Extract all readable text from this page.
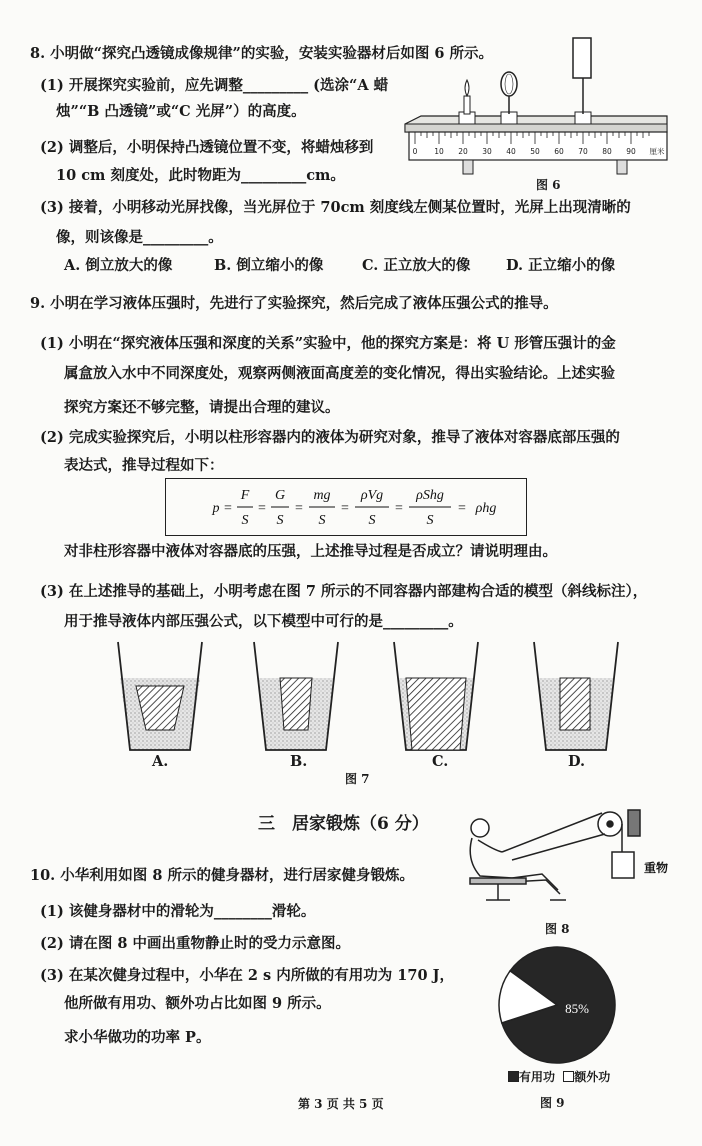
8. 小明做“探究凸透镜成像规律”的实验，安装实验器材后如图 6 所示。
(1) 开展探究实验前，应先调整_________ (选涂“A 蜡
烛”“B 凸透镜”或“C 光屏”）的高度。
(2) 调整后，小明保持凸透镜位置不变，将蜡烛移到
10 cm 刻度处，此时物距为_________cm。
(3) 接着，小明移动光屏找像，当光屏位于 70cm 刻度线左侧某位置时，光屏上出现清晰的
像，则该像是_________。
A. 倒立放大的像	B. 倒立缩小的像	C. 正立放大的像 D. 正立缩小的像
0 10 20 30 40 50 60 70 80 90 厘米
图 6
9. 小明在学习液体压强时，先进行了实验探究，然后完成了液体压强公式的推导。
(1) 小明在“探究液体压强和深度的关系”实验中，他的探究方案是：将 U 形管压强计的金
属盒放入水中不同深度处，观察两侧液面高度差的变化情况，得出实验结论。上述实验
探究方案还不够完整，请提出合理的建议。
(2) 完成实验探究后，小明以柱形容器内的液体为研究对象，推导了液体对容器底部压强的
表达式，推导过程如下：
p =
F
S
=
G
S
=
mg
S
=
ρVg
S
=
ρShg
S
= ρhg
对非柱形容器中液体对容器底的压强，上述推导过程是否成立？请说明理由。
(3) 在上述推导的基础上，小明考虑在图 7 所示的不同容器内部建构合适的模型（斜线标注），
用于推导液体内部压强公式，以下模型中可行的是_________。
A.	B.	C.	D.
图 7
三　居家锻炼（6 分）
10. 小华利用如图 8 所示的健身器材，进行居家健身锻炼。
(1) 该健身器材中的滑轮为________滑轮。
(2) 请在图 8 中画出重物静止时的受力示意图。
(3) 在某次健身过程中，小华在 2 s 内所做的有用功为 170 J，
他所做有用功、额外功占比如图 9 所示。
求小华做功的功率 P。
重物
图 8
85%
有用功 额外功
图 9
第 3 页 共 5 页
